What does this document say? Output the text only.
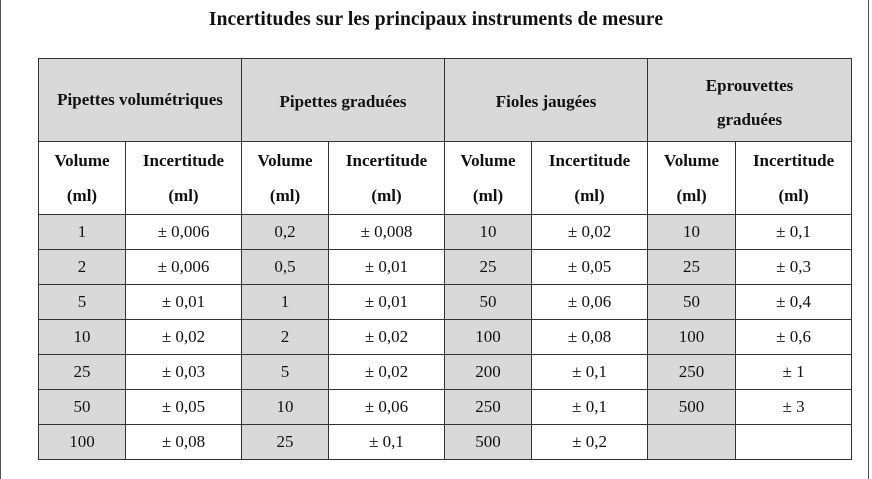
Incertitudes sur les principaux instruments de mesure
Pipettes volumétriques		Pipettes graduées		Fioles jaugées		Eprouvettes graduées	
Volume (ml)	Incertitude (ml)	Volume (ml)	Incertitude (ml)	Volume (ml)	Incertitude (ml)	Volume (ml)	Incertitude (ml)
1	± 0,006	0,2	± 0,008	10	± 0,02	10	± 0,1
2	± 0,006	0,5	± 0,01	25	± 0,05	25	± 0,3
5	± 0,01	1	± 0,01	50	± 0,06	50	± 0,4
10	± 0,02	2	± 0,02	100	± 0,08	100	± 0,6
25	± 0,03	5	± 0,02	200	± 0,1	250	± 1
50	± 0,05	10	± 0,06	250	± 0,1	500	± 3
100	± 0,08	25	± 0,1	500	± 0,2		
